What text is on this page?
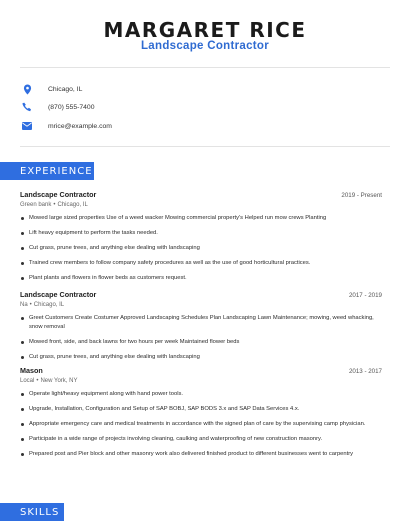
MARGARET RICE
Landscape Contractor
Chicago, IL
(870) 555-7400
mrice@example.com
EXPERIENCE
Landscape Contractor	2019 - Present
Green bank • Chicago, IL
Mowed large sized properties Use of a weed wacker Mowing commercial property's Helped run mow crews Planting
Lift heavy equipment to perform the tasks needed.
Cut grass, prune trees, and anything else dealing with landscaping
Trained crew members to follow company safety procedures as well as the use of good horticultural practices.
Plant plants and flowers in flower beds as customers request.
Landscape Contractor	2017 - 2019
Na • Chicago, IL
Greet Customers Create Costumer Approved Landscaping Schedules Plan Landscaping Lawn Maintenance; mowing, weed whacking, snow removal
Mowed front, side, and back lawns for two hours per week Maintained flower beds
Cut grass, prune trees, and anything else dealing with landscaping
Mason	2013 - 2017
Local • New York, NY
Operate light/heavy equipment along with hand power tools.
Upgrade, Installation, Configuration and Setup of SAP BOBJ, SAP BODS 3.x and SAP Data Services 4.x.
Appropriate emergency care and medical treatments in accordance with the signed plan of care by the supervising camp physician.
Participate in a wide range of projects involving cleaning, caulking and waterproofing of new construction masonry.
Prepared post and Pier block and other masonry work also delivered finished product to different businesses went to carpentry
SKILLS
